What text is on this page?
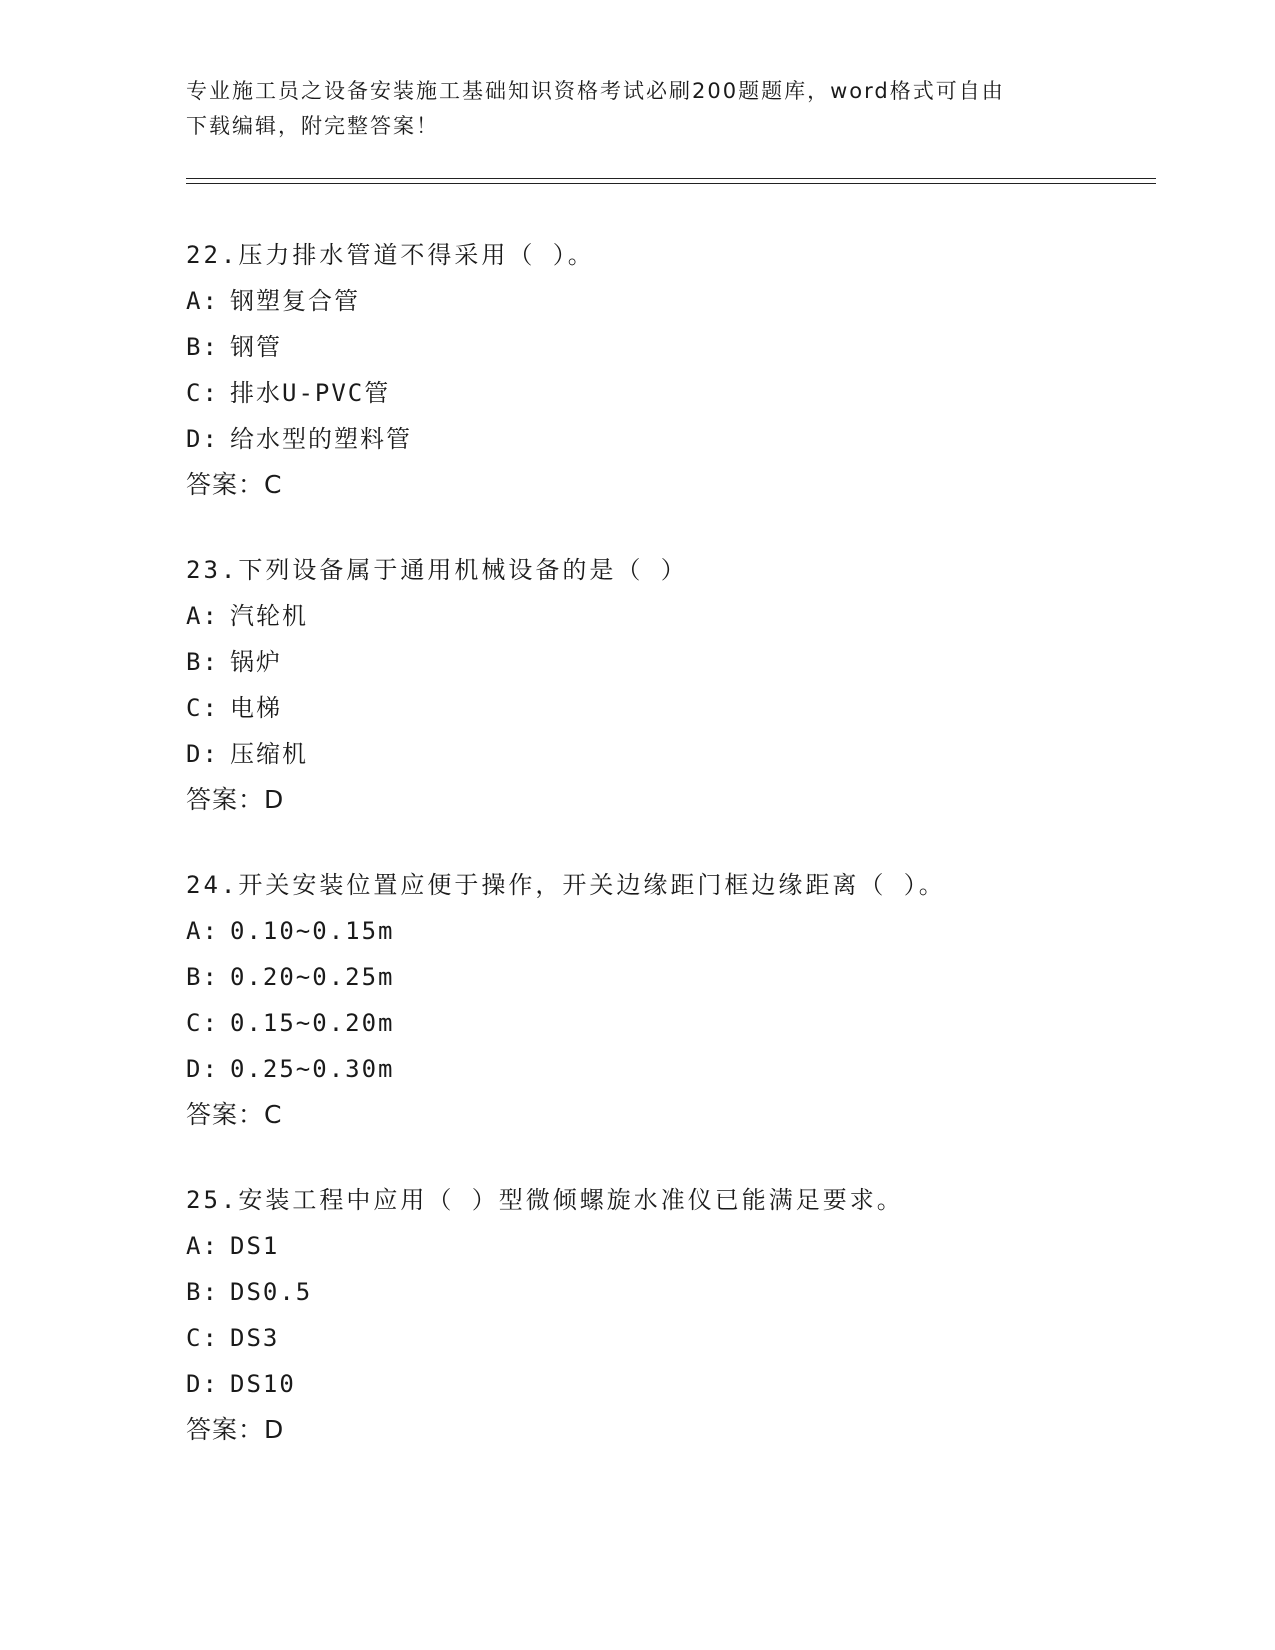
专业施工员之设备安装施工基础知识资格考试必刷200题题库，word格式可自由
下载编辑，附完整答案！
22.压力排水管道不得采用（ ）。
A: 钢塑复合管
B: 钢管
C: 排水U-PVC管
D: 给水型的塑料管
答案：C
23.下列设备属于通用机械设备的是（ ）
A: 汽轮机
B: 锅炉
C: 电梯
D: 压缩机
答案：D
24.开关安装位置应便于操作，开关边缘距门框边缘距离（ ）。
A: 0.10~0.15m
B: 0.20~0.25m
C: 0.15~0.20m
D: 0.25~0.30m
答案：C
25.安装工程中应用（ ）型微倾螺旋水准仪已能满足要求。
A: DS1
B: DS0.5
C: DS3
D: DS10
答案：D
